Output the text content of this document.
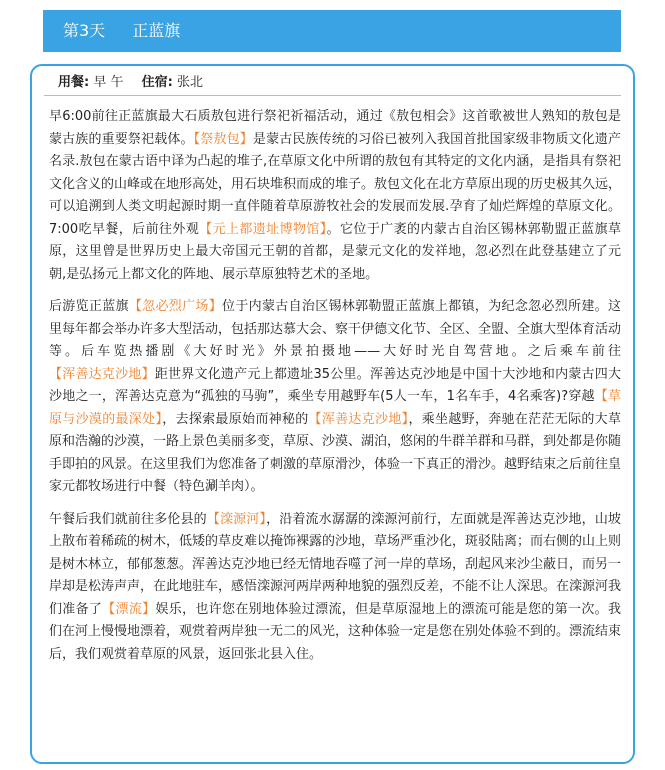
第3天 正蓝旗
用餐: 早 午 住宿: 张北

早6:00前往正蓝旗最大石质敖包进行祭祀祈福活动，通过《敖包相会》这首歌被世人熟知的敖包是蒙古族的重要祭祀载体。【祭敖包】是蒙古民族传统的习俗已被列入我国首批国家级非物质文化遗产名录.敖包在蒙古语中译为凸起的堆子,在草原文化中所谓的敖包有其特定的文化内涵，是指具有祭祀文化含义的山峰或在地形高处，用石块堆积而成的堆子。敖包文化在北方草原出现的历史极其久远，可以追溯到人类文明起源时期一直伴随着草原游牧社会的发展而发展.孕育了灿烂辉煌的草原文化。7:00吃早餐，后前往外观【元上都遗址博物馆】。它位于广袤的内蒙古自治区锡林郭勒盟正蓝旗草原，这里曾是世界历史上最大帝国元王朝的首都，是蒙元文化的发祥地，忽必烈在此登基建立了元朝,是弘扬元上都文化的阵地、展示草原独特艺术的圣地。

后游览正蓝旗【忽必烈广场】位于内蒙古自治区锡林郭勒盟正蓝旗上都镇，为纪念忽必烈所建。这里每年都会举办许多大型活动，包括那达慕大会、察干伊德文化节、全区、全盟、全旗大型体育活动等。后车览热播剧《大好时光》外景拍摄地——大好时光自驾营地。之后乘车前往【浑善达克沙地】距世界文化遗产元上都遗址35公里。浑善达克沙地是中国十大沙地和内蒙古四大沙地之一，浑善达克意为“孤独的马驹”，乘坐专用越野车(5人一车，1名车手，4名乘客)?穿越【草原与沙漠的最深处】，去探索最原始而神秘的【浑善达克沙地】，乘坐越野，奔驰在茫茫无际的大草原和浩瀚的沙漠，一路上景色美丽多变，草原、沙漠、湖泊，悠闲的牛群羊群和马群，到处都是你随手即拍的风景。在这里我们为您准备了刺激的草原滑沙，体验一下真正的滑沙。越野结束之后前往皇家元都牧场进行中餐（特色涮羊肉）。

午餐后我们就前往多伦县的【滦源河】，沿着流水潺潺的滦源河前行，左面就是浑善达克沙地，山坡上散布着稀疏的树木，低矮的草皮难以掩饰裸露的沙地，草场严重沙化，斑驳陆离；而右侧的山上则是树木林立，郁郁葱葱。浑善达克沙地已经无情地吞噬了河一岸的草场，刮起风来沙尘蔽日，而另一岸却是松涛声声，在此地驻车，感悟滦源河两岸两种地貌的强烈反差，不能不让人深思。在滦源河我们准备了【漂流】娱乐，也许您在别地体验过漂流，但是草原湿地上的漂流可能是您的第一次。我们在河上慢慢地漂着，观赏着两岸独一无二的风光，这种体验一定是您在别处体验不到的。漂流结束后，我们观赏着草原的风景，返回张北县入住。
